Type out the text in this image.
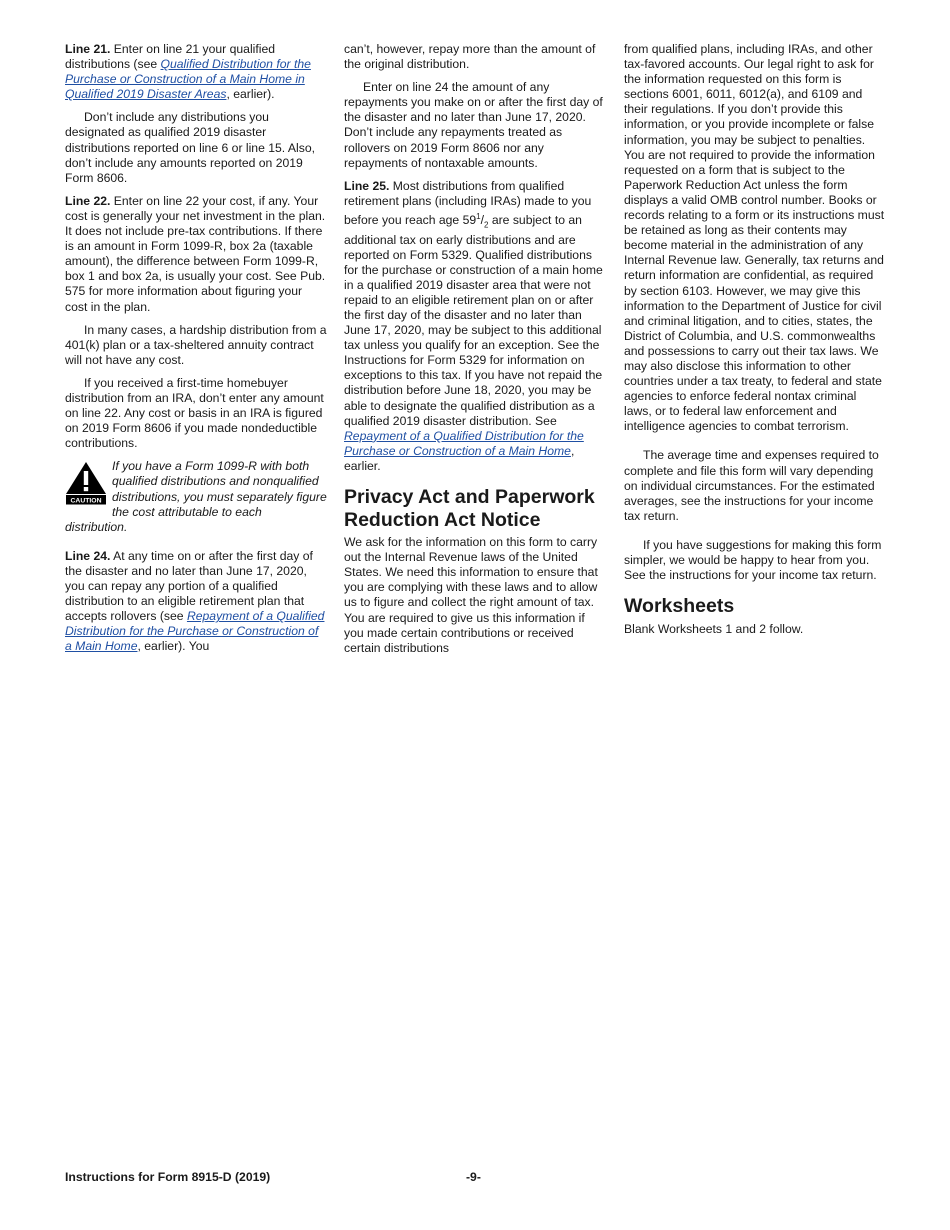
Line 21. Enter on line 21 your qualified distributions (see Qualified Distribution for the Purchase or Construction of a Main Home in Qualified 2019 Disaster Areas, earlier).

Don’t include any distributions you designated as qualified 2019 disaster distributions reported on line 6 or line 15. Also, don’t include any amounts reported on 2019 Form 8606.

Line 22. Enter on line 22 your cost, if any. Your cost is generally your net investment in the plan. It does not include pre-tax contributions. If there is an amount in Form 1099-R, box 2a (taxable amount), the difference between Form 1099-R, box 1 and box 2a, is usually your cost. See Pub. 575 for more information about figuring your cost in the plan.

In many cases, a hardship distribution from a 401(k) plan or a tax-sheltered annuity contract will not have any cost.

If you received a first-time homebuyer distribution from an IRA, don’t enter any amount on line 22. Any cost or basis in an IRA is figured on 2019 Form 8606 if you made nondeductible contributions.

CAUTION
If you have a Form 1099-R with both qualified distributions and nonqualified distributions, you must separately figure the cost attributable to each distribution.

Line 24. At any time on or after the first day of the disaster and no later than June 17, 2020, you can repay any portion of a qualified distribution to an eligible retirement plan that accepts rollovers (see Repayment of a Qualified Distribution for the Purchase or Construction of a Main Home, earlier). You

can’t, however, repay more than the amount of the original distribution.

Enter on line 24 the amount of any repayments you make on or after the first day of the disaster and no later than June 17, 2020. Don’t include any repayments treated as rollovers on 2019 Form 8606 nor any repayments of nontaxable amounts.

Line 25. Most distributions from qualified retirement plans (including IRAs) made to you before you reach age $59^1/_2$ are subject to an additional tax on early distributions and are reported on Form 5329. Qualified distributions for the purchase or construction of a main home in a qualified 2019 disaster area that were not repaid to an eligible retirement plan on or after the first day of the disaster and no later than June 17, 2020, may be subject to this additional tax unless you qualify for an exception. See the Instructions for Form 5329 for information on exceptions to this tax. If you have not repaid the distribution before June 18, 2020, you may be able to designate the qualified distribution as a qualified 2019 disaster distribution. See Repayment of a Qualified Distribution for the Purchase or Construction of a Main Home, earlier.

Privacy Act and Paperwork Reduction Act Notice

We ask for the information on this form to carry out the Internal Revenue laws of the United States. We need this information to ensure that you are complying with these laws and to allow us to figure and collect the right amount of tax. You are required to give us this information if you made certain contributions or received certain distributions

from qualified plans, including IRAs, and other tax-favored accounts. Our legal right to ask for the information requested on this form is sections 6001, 6011, 6012(a), and 6109 and their regulations. If you don’t provide this information, or you provide incomplete or false information, you may be subject to penalties. You are not required to provide the information requested on a form that is subject to the Paperwork Reduction Act unless the form displays a valid OMB control number. Books or records relating to a form or its instructions must be retained as long as their contents may become material in the administration of any Internal Revenue law. Generally, tax returns and return information are confidential, as required by section 6103. However, we may give this information to the Department of Justice for civil and criminal litigation, and to cities, states, the District of Columbia, and U.S. commonwealths and possessions to carry out their tax laws. We may also disclose this information to other countries under a tax treaty, to federal and state agencies to enforce federal nontax criminal laws, or to federal law enforcement and intelligence agencies to combat terrorism.

The average time and expenses required to complete and file this form will vary depending on individual circumstances. For the estimated averages, see the instructions for your income tax return.

If you have suggestions for making this form simpler, we would be happy to hear from you. See the instructions for your income tax return.

Worksheets

Blank Worksheets 1 and 2 follow.

Instructions for Form 8915-D (2019)	-9-
